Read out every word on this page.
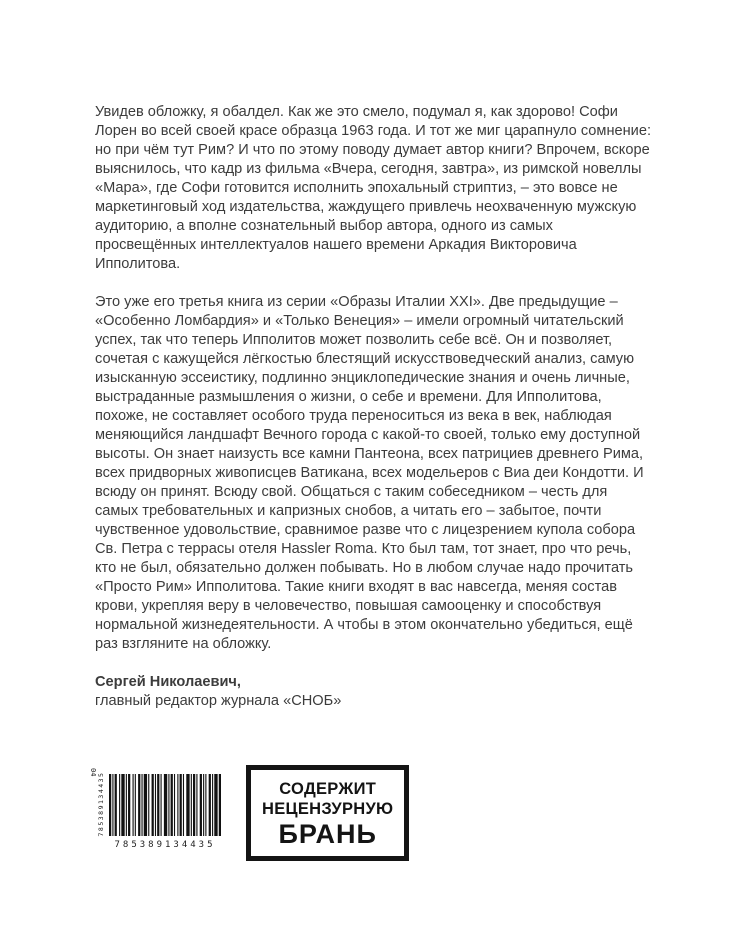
Увидев обложку, я обалдел. Как же это смело, подумал я, как здорово! Софи Лорен во всей своей красе образца 1963 года. И тот же миг царапнуло сомнение: но при чём тут Рим? И что по этому поводу думает автор книги? Впрочем, вскоре выяснилось, что кадр из фильма «Вчера, сегодня, завтра», из римской новеллы «Мара», где Софи готовится исполнить эпохальный стриптиз, – это вовсе не маркетинговый ход издательства, жаждущего привлечь неохваченную мужскую аудиторию, а вполне сознательный выбор автора, одного из самых просвещённых интеллектуалов нашего времени Аркадия Викторовича Ипполитова.

Это уже его третья книга из серии «Образы Италии XXI». Две предыдущие – «Особенно Ломбардия» и «Только Венеция» – имели огромный читательский успех, так что теперь Ипполитов может позволить себе всё. Он и позволяет, сочетая с кажущейся лёгкостью блестящий искусствоведческий анализ, самую изысканную эссеистику, подлинно энциклопедические знания и очень личные, выстраданные размышления о жизни, о себе и времени. Для Ипполитова, похоже, не составляет особого труда переноситься из века в век, наблюдая меняющийся ландшафт Вечного города с какой-то своей, только ему доступной высоты. Он знает наизусть все камни Пантеона, всех патрициев древнего Рима, всех придворных живописцев Ватикана, всех модельеров с Виа деи Кондотти. И всюду он принят. Всюду свой. Общаться с таким собеседником – честь для самых требовательных и капризных снобов, а читать его – забытое, почти чувственное удовольствие, сравнимое разве что с лицезрением купола собора Св. Петра с террасы отеля Hassler Roma. Кто был там, тот знает, про что речь, кто не был, обязательно должен побывать. Но в любом случае надо прочитать «Просто Рим» Ипполитова. Такие книги входят в вас навсегда, меняя состав крови, укрепляя веру в человечество, повышая самооценку и способствуя нормальной жизнедеятельности. А чтобы в этом окончательно убедиться, ещё раз взгляните на обложку.

Сергей Николаевич,
главный редактор журнала «СНОБ»
04 785389134435
785389134435
СОДЕРЖИТ
НЕЦЕНЗУРНУЮ
БРАНЬ
